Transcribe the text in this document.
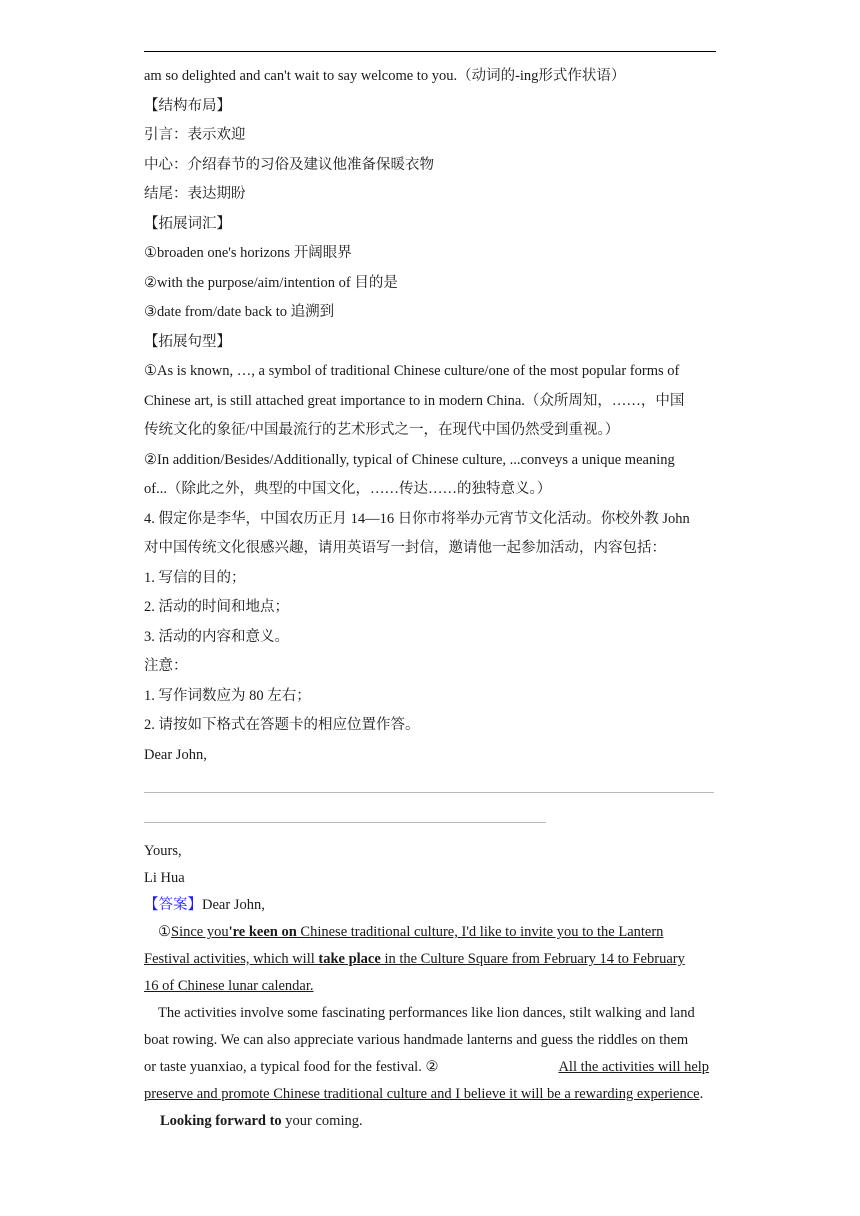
am so delighted and can't wait to say welcome to you.（动词的-ing形式作状语）
【结构布局】
引言：表示欢迎
中心：介绍春节的习俗及建议他准备保暖衣物
结尾：表达期盼
【拓展词汇】
①broaden one's horizons 开阔眼界
②with the purpose/aim/intention of 目的是
③date from/date back to 追溯到
【拓展句型】
①As is known, …, a symbol of traditional Chinese culture/one of the most popular forms of
Chinese art, is still attached great importance to in modern China.（众所周知，……，中国
传统文化的象征/中国最流行的艺术形式之一，在现代中国仍然受到重视。）
②In addition/Besides/Additionally, typical of Chinese culture, ...conveys a unique meaning
of...（除此之外，典型的中国文化，……传达……的独特意义。）
4. 假定你是李华，中国农历正月 14—16 日你市将举办元宵节文化活动。你校外教 John
对中国传统文化很感兴趣，请用英语写一封信，邀请他一起参加活动，内容包括：
1. 写信的目的；
2. 活动的时间和地点；
3. 活动的内容和意义。
注意：
1. 写作词数应为 80 左右；
2. 请按如下格式在答题卡的相应位置作答。
Dear John,
Yours,
Li Hua
【答案】Dear John,
①Since you're keen on Chinese traditional culture, I'd like to invite you to the Lantern
Festival activities, which will take place in the Culture Square from February 14 to February
16 of Chinese lunar calendar.
The activities involve some fascinating performances like lion dances, stilt walking and land
boat rowing. We can also appreciate various handmade lanterns and guess the riddles on them
or taste yuanxiao, a typical food for the festival. ②	All the activities will help
preserve and promote Chinese traditional culture and I believe it will be a rewarding experience.
Looking forward to your coming.
